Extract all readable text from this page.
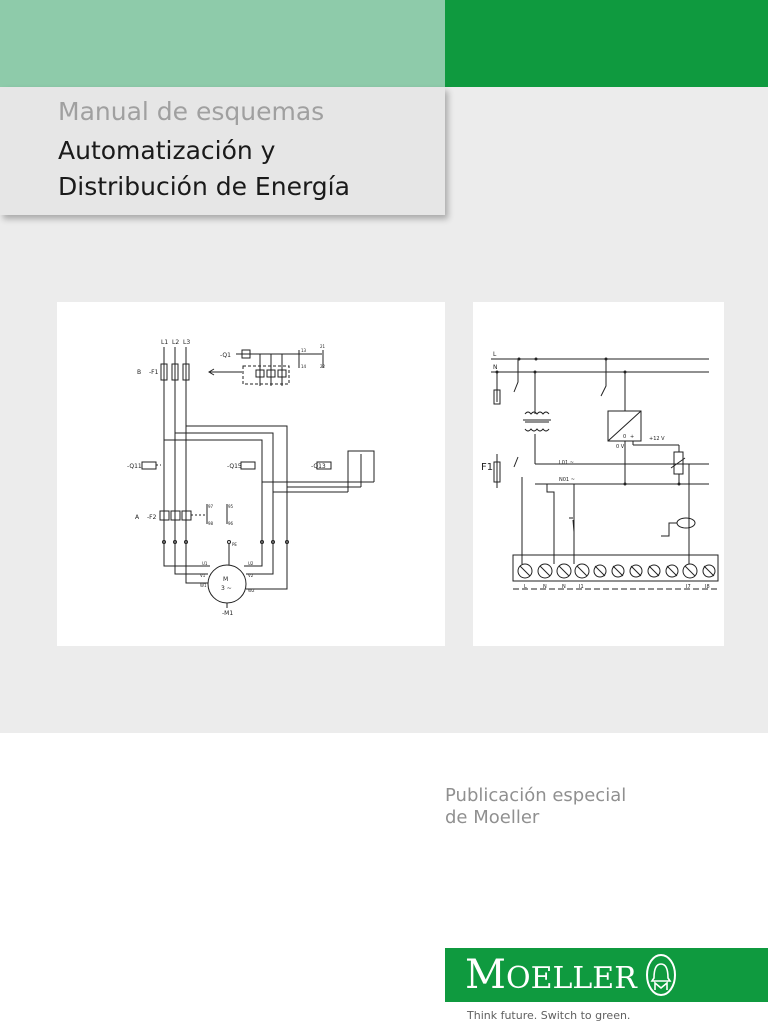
Manual de esquemas
Automatización y
Distribución de Energía
L1 L2 L3
B -F1
-Q1
-Q11	-Q15	-Q13
A -F2
M
3 ~
-M1
PE
U1
V1
W1
U2
V2
W2
13
14
21
22
97
98
95
96
L
N
F1	L01 ~
N01 ~
+12 V
0 V
+
0
L	N	N	I1	I7	I8
Publicación especial
de Moeller
MOELLER
Think future. Switch to green.
